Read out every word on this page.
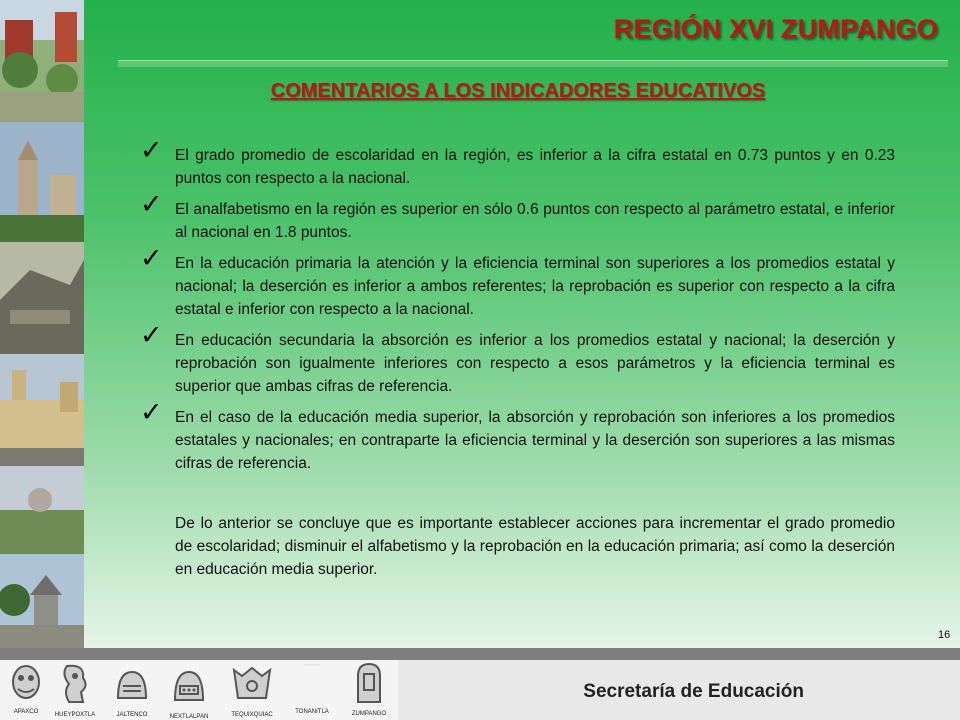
REGIÓN XVI ZUMPANGO
COMENTARIOS A LOS INDICADORES EDUCATIVOS
✓ El grado promedio de escolaridad en la región, es inferior a la cifra estatal en 0.73 puntos y en 0.23 puntos con respecto a la nacional.
✓ El analfabetismo en la región es superior en sólo 0.6 puntos con respecto al parámetro estatal, e inferior al nacional en 1.8 puntos.
✓ En la educación primaria la atención y la eficiencia terminal son superiores a los promedios estatal y nacional; la deserción es inferior a ambos referentes; la reprobación es superior con respecto a la cifra estatal e inferior con respecto a la nacional.
✓ En educación secundaria la absorción es inferior a los promedios estatal y nacional; la deserción y reprobación son igualmente inferiores con respecto a esos parámetros y la eficiencia terminal es superior que ambas cifras de referencia.
✓ En el caso de la educación media superior, la absorción y reprobación son inferiores a los promedios estatales y nacionales; en contraparte la eficiencia terminal y la deserción son superiores a las mismas cifras de referencia.

De lo anterior se concluye que es importante establecer acciones para incrementar el grado promedio de escolaridad; disminuir el alfabetismo y la reprobación en la educación primaria; así como la deserción en educación media superior.

16
APAXCO	HUEYPOXTLA	JALTENCO	NEXTLALPAN	TEQUIXQUIAC	TONANITLA	ZUMPANGO

Secretaría de Educación
